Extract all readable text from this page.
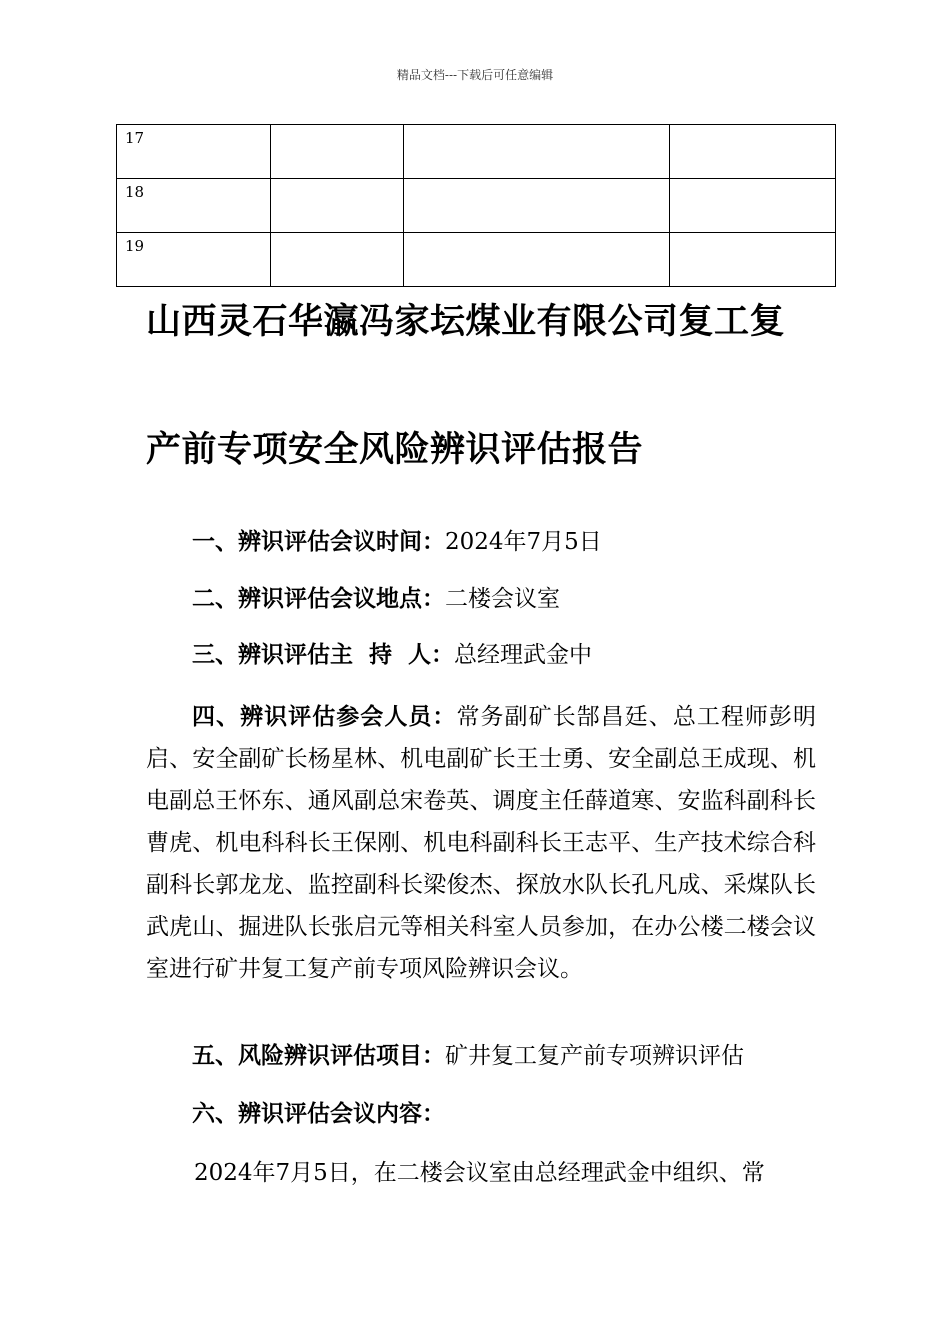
精品文档---下载后可任意编辑
17			

18			

19			

山西灵石华瀛冯家坛煤业有限公司复工复
产前专项安全风险辨识评估报告
一、辨识评估会议时间：2024年7月5日
二、辨识评估会议地点：二楼会议室
三、辨识评估主  持  人：总经理武金中
四、辨识评估参会人员：常务副矿长郜昌廷、总工程师彭明启、安全副矿长杨星林、机电副矿长王士勇、安全副总王成现、机电副总王怀东、通风副总宋卷英、调度主任薛道寒、安监科副科长曹虎、机电科科长王保刚、机电科副科长王志平、生产技术综合科副科长郭龙龙、监控副科长梁俊杰、探放水队长孔凡成、采煤队长武虎山、掘进队长张启元等相关科室人员参加，在办公楼二楼会议室进行矿井复工复产前专项风险辨识会议。
五、风险辨识评估项目：矿井复工复产前专项辨识评估
六、辨识评估会议内容：
2024年7月5日，在二楼会议室由总经理武金中组织、常
